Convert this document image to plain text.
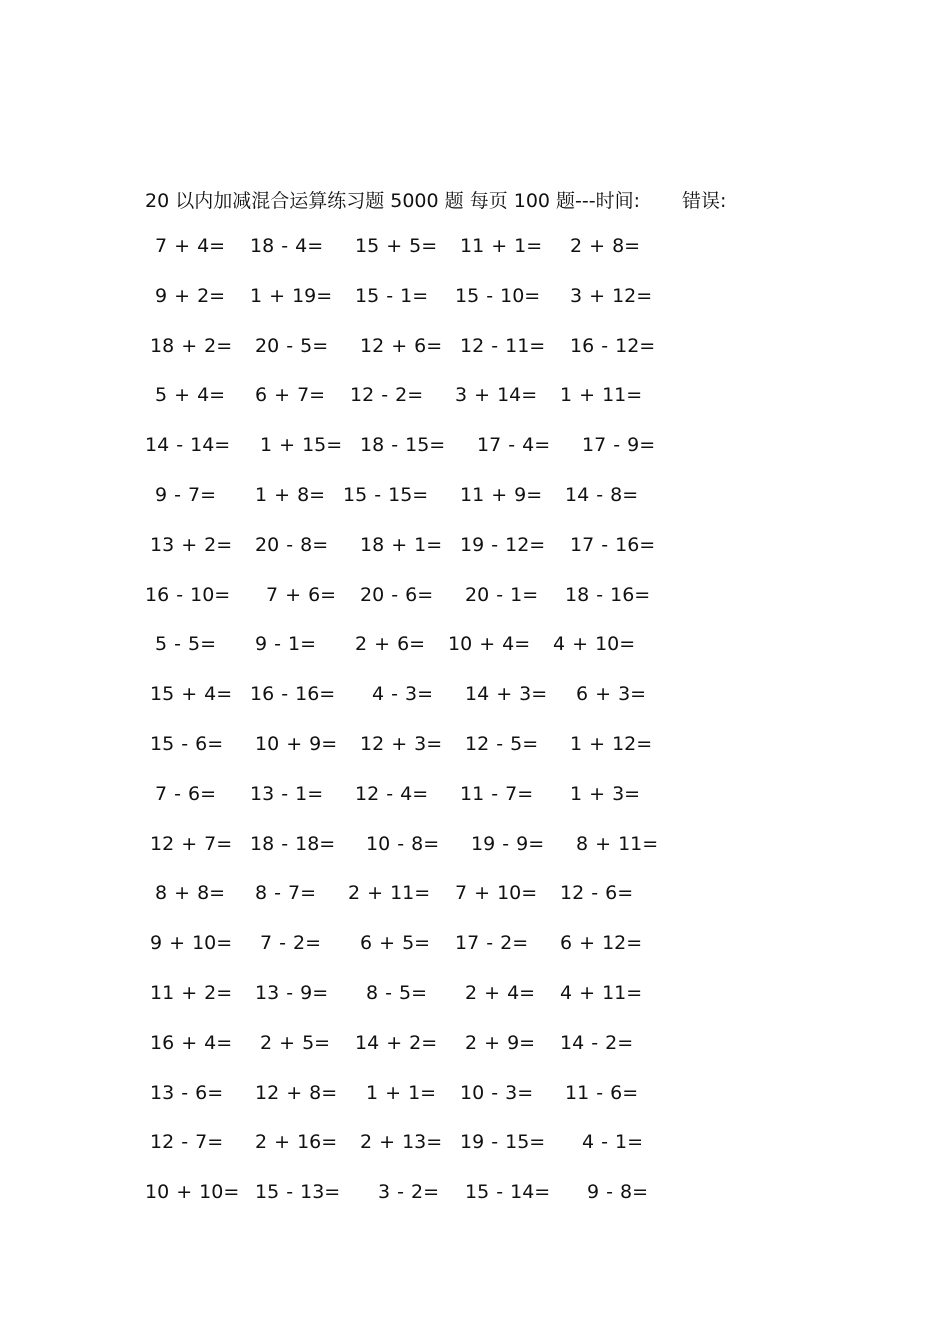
20 以内加减混合运算练习题 5000 题 每页 100 题---时间: 错误:
7 + 4= 18 - 4= 15 + 5= 11 + 1= 2 + 8=
9 + 2= 1 + 19= 15 - 1= 15 - 10= 3 + 12=
18 + 2= 20 - 5= 12 + 6= 12 - 11= 16 - 12=
5 + 4= 6 + 7= 12 - 2= 3 + 14= 1 + 11=
14 - 14= 1 + 15= 18 - 15= 17 - 4= 17 - 9=
9 - 7= 1 + 8= 15 - 15= 11 + 9= 14 - 8=
13 + 2= 20 - 8= 18 + 1= 19 - 12= 17 - 16=
16 - 10= 7 + 6= 20 - 6= 20 - 1= 18 - 16=
5 - 5= 9 - 1= 2 + 6= 10 + 4= 4 + 10=
15 + 4= 16 - 16= 4 - 3= 14 + 3= 6 + 3=
15 - 6= 10 + 9= 12 + 3= 12 - 5= 1 + 12=
7 - 6= 13 - 1= 12 - 4= 11 - 7= 1 + 3=
12 + 7= 18 - 18= 10 - 8= 19 - 9= 8 + 11=
8 + 8= 8 - 7= 2 + 11= 7 + 10= 12 - 6=
9 + 10= 7 - 2= 6 + 5= 17 - 2= 6 + 12=
11 + 2= 13 - 9= 8 - 5= 2 + 4= 4 + 11=
16 + 4= 2 + 5= 14 + 2= 2 + 9= 14 - 2=
13 - 6= 12 + 8= 1 + 1= 10 - 3= 11 - 6=
12 - 7= 2 + 16= 2 + 13= 19 - 15= 4 - 1=
10 + 10= 15 - 13= 3 - 2= 15 - 14= 9 - 8=
